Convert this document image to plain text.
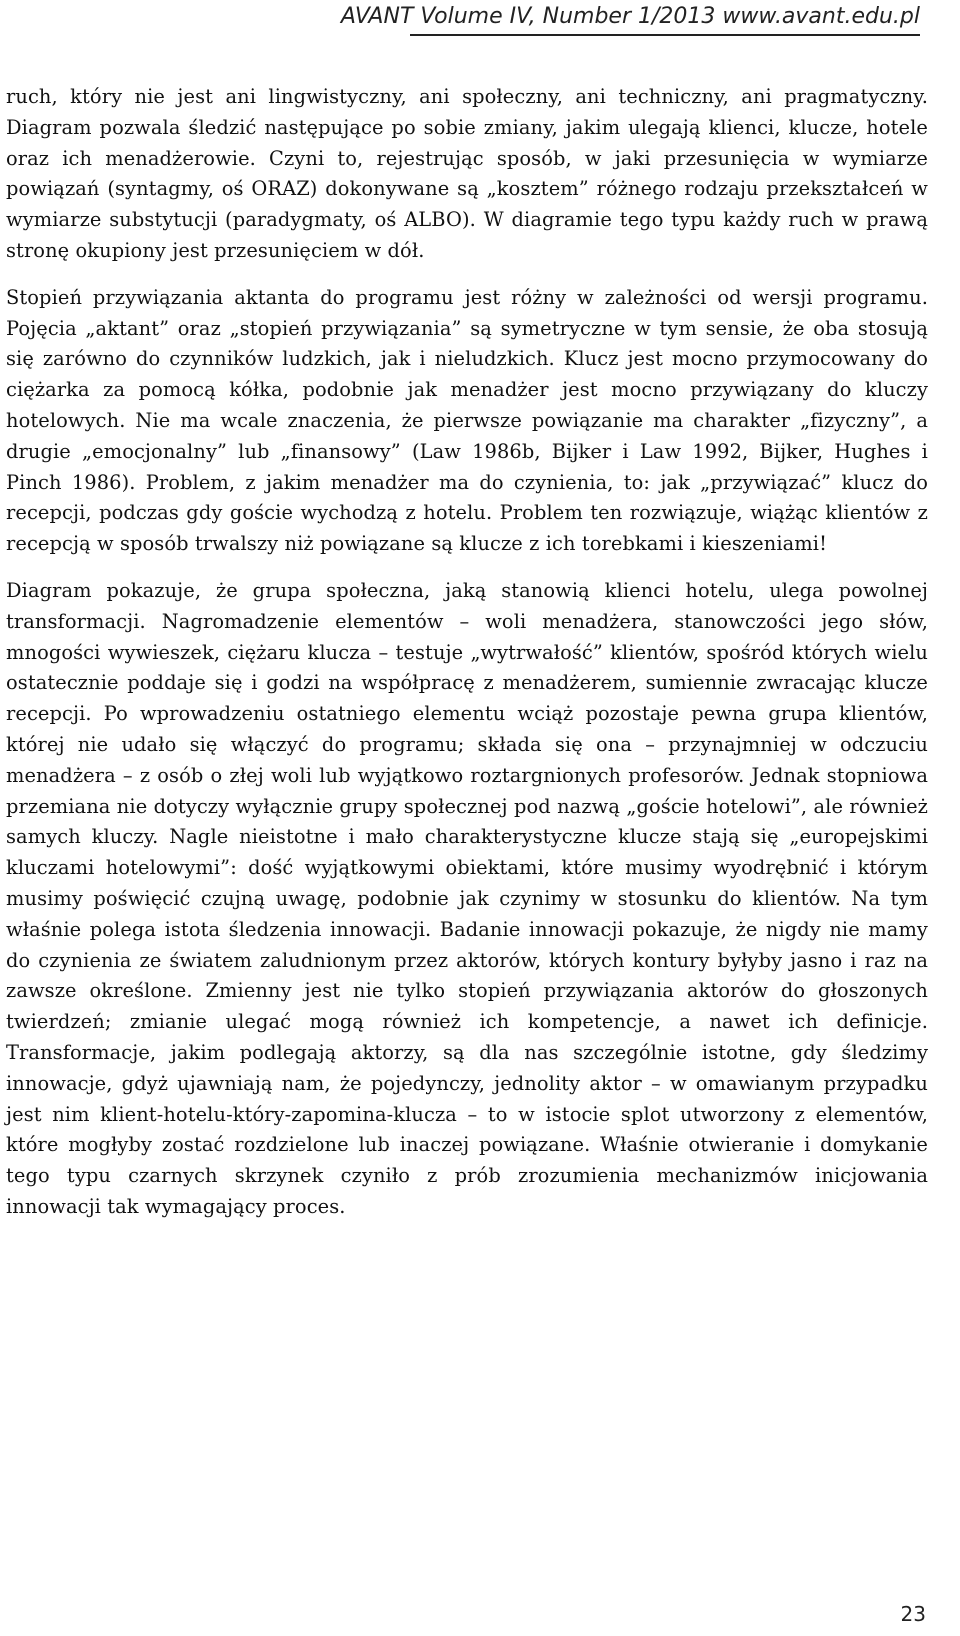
AVANT Volume IV, Number 1/2013 www.avant.edu.pl

ruch, który nie jest ani lingwistyczny, ani społeczny, ani techniczny, ani pragmatyczny. Diagram pozwala śledzić następujące po sobie zmiany, jakim ulegają klienci, klucze, hotele oraz ich menadżerowie. Czyni to, rejestrując sposób, w jaki przesunięcia w wymiarze powiązań (syntagmy, oś ORAZ) dokonywane są „kosztem” różnego rodzaju przekształceń w wymiarze substytucji (paradygmaty, oś ALBO). W diagramie tego typu każdy ruch w prawą stronę okupiony jest przesunięciem w dół.

Stopień przywiązania aktanta do programu jest różny w zależności od wersji programu. Pojęcia „aktant” oraz „stopień przywiązania” są symetryczne w tym sensie, że oba stosują się zarówno do czynników ludzkich, jak i nieludzkich. Klucz jest mocno przymocowany do ciężarka za pomocą kółka, podobnie jak menadżer jest mocno przywiązany do kluczy hotelowych. Nie ma wcale znaczenia, że pierwsze powiązanie ma charakter „fizyczny”, a drugie „emocjonalny” lub „finansowy” (Law 1986b, Bijker i Law 1992, Bijker, Hughes i Pinch 1986). Problem, z jakim menadżer ma do czynienia, to: jak „przywiązać” klucz do recepcji, podczas gdy goście wychodzą z hotelu. Problem ten rozwiązuje, wiążąc klientów z recepcją w sposób trwalszy niż powiązane są klucze z ich torebkami i kieszeniami!

Diagram pokazuje, że grupa społeczna, jaką stanowią klienci hotelu, ulega powolnej transformacji. Nagromadzenie elementów – woli menadżera, stanowczości jego słów, mnogości wywieszek, ciężaru klucza – testuje „wytrwałość” klientów, spośród których wielu ostatecznie poddaje się i godzi na współpracę z menadżerem, sumiennie zwracając klucze recepcji. Po wprowadzeniu ostatniego elementu wciąż pozostaje pewna grupa klientów, której nie udało się włączyć do programu; składa się ona – przynajmniej w odczuciu menadżera – z osób o złej woli lub wyjątkowo roztargnionych profesorów. Jednak stopniowa przemiana nie dotyczy wyłącznie grupy społecznej pod nazwą „goście hotelowi”, ale również samych kluczy. Nagle nieistotne i mało charakterystyczne klucze stają się „europejskimi kluczami hotelowymi”: dość wyjątkowymi obiektami, które musimy wyodrębnić i którym musimy poświęcić czujną uwagę, podobnie jak czynimy w stosunku do klientów. Na tym właśnie polega istota śledzenia innowacji. Badanie innowacji pokazuje, że nigdy nie mamy do czynienia ze światem zaludnionym przez aktorów, których kontury byłyby jasno i raz na zawsze określone. Zmienny jest nie tylko stopień przywiązania aktorów do głoszonych twierdzeń; zmianie ulegać mogą również ich kompetencje, a nawet ich definicje. Transformacje, jakim podlegają aktorzy, są dla nas szczególnie istotne, gdy śledzimy innowacje, gdyż ujawniają nam, że pojedynczy, jednolity aktor – w omawianym przypadku jest nim klient-hotelu-który-zapomina-klucza – to w istocie splot utworzony z elementów, które mogłyby zostać rozdzielone lub inaczej powiązane. Właśnie otwieranie i domykanie tego typu czarnych skrzynek czyniło z prób zrozumienia mechanizmów inicjowania innowacji tak wymagający proces.

23
